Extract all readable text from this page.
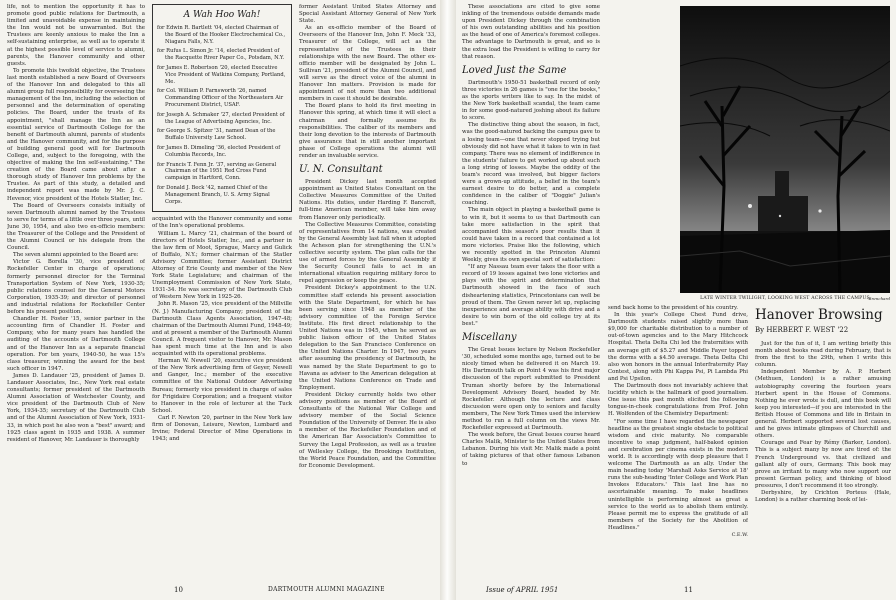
life, not to mention the opportunity it has to promote good public relations for Dartmouth, a limited and unavoidable expense in maintaining the Inn would not be unwarranted. But the Trustees are keenly anxious to make the Inn a self-sustaining enterprise, as well as to operate it at the highest possible level of service to alumni, parents, the Hanover community and other guests.

To promote this twofold objective, the Trustees last month established a new Board of Overseers of the Hanover Inn and delegated to this all alumni group full responsibility for overseeing the management of the Inn, including the selection of personnel and the determination of operating policies. The Board, under the trusts of its appointment, "shall manage the Inn as an essential service of Dartmouth College for the benefit of Dartmouth alumni, parents of students and the Hanover community, and for the purpose of building general good will for Dartmouth College, and, subject to the foregoing, with the objective of making the Inn self-sustaining." The creation of the Board came about after a thorough study of Hanover Inn problems by the Trustee. As part of this study, a detailed and independent report was made by Mr. J. C. Hevenor, vice president of the Hotels Statler, Inc.

The Board of Overseers consists initially of seven Dartmouth alumni named by the Trustees to serve for terms of a little over three years, until June 30, 1954, and also two ex-officio members: the Treasurer of the College and the President of the Alumni Council or his delegate from the Council.

The seven alumni appointed to the Board are:

Victor G. Borella '30, vice president of Rockefeller Center in charge of operations; formerly personnel director for the Terminal Transportation System of New York, 1930-35; public relations counsel for the General Motors Corporation, 1935-39; and director of personnel and industrial relations for Rockefeller Center before his present position.

Chandler H. Foster '15, senior partner in the accounting firm of Chandler H. Foster and Company, who for many years has handled the auditing of the accounts of Dartmouth College and of the Hanover Inn as a separate financial operation. For ten years, 1940-50, he was 15's class treasurer, winning the award for the best such officer in 1947.

James D. Landauer '25, president of James D. Landauer Associates, Inc., New York real estate consultants; former president of the Dartmouth Alumni Association of Westchester County, and vice president of the Dartmouth Club of New York, 1934-35; secretary of the Dartmouth Club and of the Alumni Association of New York, 1931-33, in which post he also won a "best" award; and 1925 class agent in 1935 and 1938. A summer resident of Hanover, Mr. Landauer is thoroughly

A Wah Hoo Wah!
for Edwin R. Bartlett '04, elected Chairman of the Board of the Hooker Electrochemical Co., Niagara Falls, N.Y.
for Rufus L. Simon Jr. '14, elected President of the Racquette River Paper Co., Potsdam, N.Y.
for James E. Robertson '20, elected Executive Vice President of Watkins Company, Portland, Me.
for Col. William P. Farnsworth '26, named Commanding Officer of the Northeastern Air Procurement District, USAF.
for Joseph A. Schmaker '27, elected President of the League of Advertising Agencies, Inc.
for George S. Spitzer '31, named Dean of the Buffalo University Law School.
for James B. Dimeling '36, elected President of Columbia Records, Inc.
for Francis T. Fenn Jr. '37, serving as General Chairman of the 1951 Red Cross Fund campaign in Hartford, Conn.
for Donald J. Beck '42, named Chief of the Management Branch, U. S. Army Signal Corps.

acquainted with the Hanover community and some of the Inn's operational problems.

William L. Marcy '21, chairman of the board of directors of Hotels Statler, Inc., and a partner in the law firm of Moot, Sprague, Marcy and Gulick of Buffalo, N.Y.; former chairman of the Statler Advisory Committee; former Assistant District Attorney of Erie County and member of the New York State Legislature; and chairman of the Unemployment Commission of New York State, 1931-34. He was secretary of the Dartmouth Club of Western New York in 1925-26.

John R. Mason '25, vice president of the Millville (N. J.) Manufacturing Company; president of the Dartmouth Class Agents Association, 1947-48; chairman of the Dartmouth Alumni Fund, 1948-49; and at present a member of the Dartmouth Alumni Council. A frequent visitor to Hanover, Mr. Mason has spent much time at the Inn and is also acquainted with its operational problems.

Herman W. Newell '20, executive vice president of the New York advertising firm of Geyer, Newell and Ganger, Inc.; member of the executive committee of the National Outdoor Advertising Bureau; formerly vice president in charge of sales for Frigidaire Corporation; and a frequent visitor to Hanover in the role of lecturer at the Tuck School.

Carl F. Newton '20, partner in the New York law firm of Donovan, Leisure, Newton, Lumbard and Irvine; Federal Director of Mine Operations in 1943; and

former Assistant United States Attorney and Special Assistant Attorney General of New York State.

As an ex-officio member of the Board of Overseers of the Hanover Inn, John F. Meck '33, Treasurer of the College, will act as the representative of the Trustees in their relationships with the new Board. The other ex-officio member will be designated by John L. Sullivan '21, president of the Alumni Council, and will serve as the direct voice of the alumni in Hanover Inn matters. Provision is made for appointment of not more than two additional members in case it should be desirable.

The Board plans to hold its first meeting in Hanover this spring, at which time it will elect a chairman and formally assume its responsibilities. The caliber of its members and their long devotion to the interests of Dartmouth give assurance that in still another important phase of College operations the alumni will render an invaluable service.

U. N. Consultant

President Dickey last month accepted appointment as United States Consultant on the Collective Measures Committee of the United Nations. His duties, under Harding F. Bancroft, full-time American member, will take him away from Hanover only periodically.

The Collective Measures Committee, consisting of representatives from 14 nations, was created by the General Assembly last fall when it adopted the Acheson plan for strengthening the U.N.'s collective security system. The plan calls for the use of armed forces by the General Assembly if the Security Council fails to act in an international situation requiring military force to repel aggression or keep the peace.

President Dickey's appointment to the U.N. committee staff extends his present association with the State Department, for which he has been serving since 1948 as member of the advisory committee of the Foreign Service Institute. His first direct relationship to the United Nations was in 1945, when he served as public liaison officer of the United States delegation to the San Francisco Conference on the United Nations Charter. In 1947, two years after assuming the presidency of Dartmouth, he was named by the State Department to go to Havana as adviser to the American delegation at the United Nations Conference on Trade and Employment.

President Dickey currently holds two other advisory positions as member of the Board of Consultants of the National War College and advisory member of the Social Science Foundation of the University of Denver. He is also a member of the Rockefeller Foundation and of the American Bar Association's Committee to Survey the Legal Profession, as well as a trustee of Wellesley College, the Brookings Institution, the World Peace Foundation, and the Committee for Economic Development.

10	DARTMOUTH ALUMNI MAGAZINE

These associations are cited to give some inkling of the tremendous outside demands made upon President Dickey through the combination of his own outstanding abilities and his position as the head of one of America's foremost colleges. The advantage to Dartmouth is great, and so is the extra load the President is willing to carry for that reason.

Loved Just the Same

Dartmouth's 1950-51 basketball record of only three victories in 26 games is "one for the books," as the sports writers like to say. In the midst of the New York basketball scandal, the team came in for some good-natured joshing about its failure to score.

The distinctive thing about the season, in fact, was the good-natured backing the campus gave to a losing team—one that never stopped trying but obviously did not have what it takes to win in fast company. There was no element of indifference in the students' failure to get worked up about such a long string of losses. Maybe the oddity of the team's record was involved, but bigger factors were a grown-up attitude, a belief in the team's earnest desire to do better, and a complete confidence in the caliber of "Doggie" Julian's coaching.

The main object in playing a basketball game is to win it, but it seems to us that Dartmouth can take more satisfaction in the spirit that accompanied this season's poor results than it could have taken in a record that contained a lot more victories. Praise like the following, which we recently spotted in the Princeton Alumni Weekly, gives its own special sort of satisfaction:

"If any Nassau team ever takes the floor with a record of 19 losses against two lone victories and plays with the spirit and determination that Dartmouth showed in the face of such disheartening statistics, Princetonians can well be proud of them. The Green never let up, replacing inexperience and average ability with drive and a desire to win born of the old college try at its best."

Miscellany

The Great Issues lecture by Nelson Rockefeller '30, scheduled some months ago, turned out to be nicely timed when he delivered it on March 19. His Dartmouth talk on Point 4 was his first major discussion of the report submitted to President Truman shortly before by the International Development Advisory Board, headed by Mr. Rockefeller. Although the lecture and class discussion were open only to seniors and faculty members, The New York Times used the interview method to run a full column on the views Mr. Rockefeller expressed at Dartmouth.

The week before, the Great Issues course heard Charles Malik, Minister to the United States from Lebanon. During his visit Mr. Malik made a point of taking pictures of that other famous Lebanon to

LATE WINTER TWILIGHT, LOOKING WEST ACROSS THE CAMPUS
Brenchard

send back home to the president of his country.

In this year's College Chest Fund drive, Dartmouth students raised slightly more than $9,000 for charitable distribution to a number of out-of-town agencies and to the Mary Hitchcock Hospital. Theta Delta Chi led the fraternities with an average gift of $5.27 and Middle Fayer topped the dorms with a $4.50 average. Theta Delta Chi also won honors in the annual Interfraternity Play Contest, along with Phi Kappa Psi, Pi Lambda Phi and Psi Upsilon.

The Dartmouth does not invariably achieve that lucidity which is the hallmark of good journalism. One issue this past month elicited the following tongue-in-cheek congratulations from Prof. John H. Wolfenden of the Chemistry Department:

"For some time I have regarded the newspaper headline as the greatest single obstacle to political wisdom and civic maturity. No comparable incentive to snap judgment, half-baked opinion and cerebration per cinema exists in the modern world. It is accordingly with deep pleasure that I welcome The Dartmouth as an ally. Under the main heading today 'Marshall Asks Service at 18' runs the sub-heading 'Inter College and Work Plan Invokes Educators.' This last line has no ascertainable meaning. To make headlines unintelligible is performing almost as great a service to the world as to abolish them entirely. Please permit me to express the gratitude of all members of the Society for the Abolition of Headlines."

C.E.W.
Hanover Browsing
By HERBERT F. WEST '22

Just for the fun of it, I am writing briefly this month about books read during February, that is from the first to the 29th, when I write this column.

Independent Member by A. P. Herbert (Methuen, London) is a rather amusing autobiography covering the fourteen years Herbert spent in the House of Commons. Nothing he ever wrote is dull, and this book will keep you interested—if you are interested in the British House of Commons and life in Britain in general. Herbert supported several lost causes, and he gives intimate glimpses of Churchill and others.

Courage and Fear by Rémy (Barker, London). This is a subject many by now are tired of: the French Underground vs. that civilized and gallant ally of ours, Germany. This book may prove an irritant to many who now support our present German policy, and thinking of blood pressures, I don't recommend it too strongly.

Derbyshire, by Crichton Porteus (Hale, London) is a rather charming book of lei-

Issue of APRIL 1951	11
